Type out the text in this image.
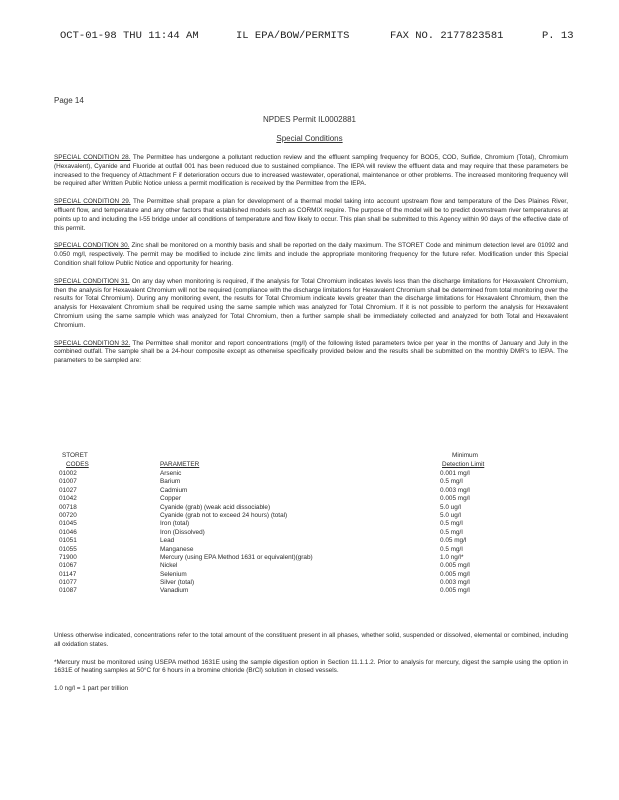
OCT-01-98 THU 11:44 AM	IL EPA/BOW/PERMITS	FAX NO. 2177823581	P. 13
Page 14
NPDES Permit IL0002881
Special Conditions

SPECIAL CONDITION 28. The Permittee has undergone a pollutant reduction review and the effluent sampling frequency for BOD5, COD, Sulfide, Chromium (Total), Chromium (Hexavalent), Cyanide and Fluoride at outfall 001 has been reduced due to sustained compliance. The IEPA will review the effluent data and may require that these parameters be increased to the frequency of Attachment F if deterioration occurs due to increased wastewater, operational, maintenance or other problems. The increased monitoring frequency will be required after Written Public Notice unless a permit modification is received by the Permittee from the IEPA.

SPECIAL CONDITION 29. The Permittee shall prepare a plan for development of a thermal model taking into account upstream flow and temperature of the Des Plaines River, effluent flow, and temperature and any other factors that established models such as CORMIX require. The purpose of the model will be to predict downstream river temperatures at points up to and including the I-55 bridge under all conditions of temperature and flow likely to occur. This plan shall be submitted to this Agency within 90 days of the effective date of this permit.

SPECIAL CONDITION 30. Zinc shall be monitored on a monthly basis and shall be reported on the daily maximum. The STORET Code and minimum detection level are 01092 and 0.050 mg/l, respectively. The permit may be modified to include zinc limits and include the appropriate monitoring frequency for the future refer. Modification under this Special Condition shall follow Public Notice and opportunity for hearing.

SPECIAL CONDITION 31. On any day when monitoring is required, if the analysis for Total Chromium indicates levels less than the discharge limitations for Hexavalent Chromium, then the analysis for Hexavalent Chromium will not be required (compliance with the discharge limitations for Hexavalent Chromium shall be determined from total monitoring over the results for Total Chromium). During any monitoring event, the results for Total Chromium indicate levels greater than the discharge limitations for Hexavalent Chromium, then the analysis for Hexavalent Chromium shall be required using the same sample which was analyzed for Total Chromium. If it is not possible to perform the analysis for Hexavalent Chromium using the same sample which was analyzed for Total Chromium, then a further sample shall be immediately collected and analyzed for both Total and Hexavalent Chromium.

SPECIAL CONDITION 32. The Permittee shall monitor and report concentrations (mg/l) of the following listed parameters twice per year in the months of January and July in the combined outfall. The sample shall be a 24-hour composite except as otherwise specifically provided below and the results shall be submitted on the monthly DMR's to IEPA. The parameters to be sampled are:

STORET
CODES	PARAMETER
Minimum
Detection Limit
01002	Arsenic	0.001 mg/l
01007	Barium	0.5 mg/l
01027	Cadmium	0.003 mg/l
01042	Copper	0.005 mg/l
00718	Cyanide (grab) (weak acid dissociable)	5.0 ug/l
00720	Cyanide (grab not to exceed 24 hours) (total)	5.0 ug/l
01045	Iron (total)	0.5 mg/l
01046	Iron (Dissolved)	0.5 mg/l
01051	Lead	0.05 mg/l
01055	Manganese	0.5 mg/l
71900	Mercury (using EPA Method 1631 or equivalent)(grab)	1.0 ng/l*
01067	Nickel	0.005 mg/l
01147	Selenium	0.005 mg/l
01077	Silver (total)	0.003 mg/l
01087	Vanadium	0.005 mg/l

Unless otherwise indicated, concentrations refer to the total amount of the constituent present in all phases, whether solid, suspended or dissolved, elemental or combined, including all oxidation states.

*Mercury must be monitored using USEPA method 1631E using the sample digestion option in Section 11.1.1.2. Prior to analysis for mercury, digest the sample using the option in 1631E of heating samples at 50°C for 6 hours in a bromine chloride (BrCl) solution in closed vessels.

1.0 ng/l = 1 part per trillion
